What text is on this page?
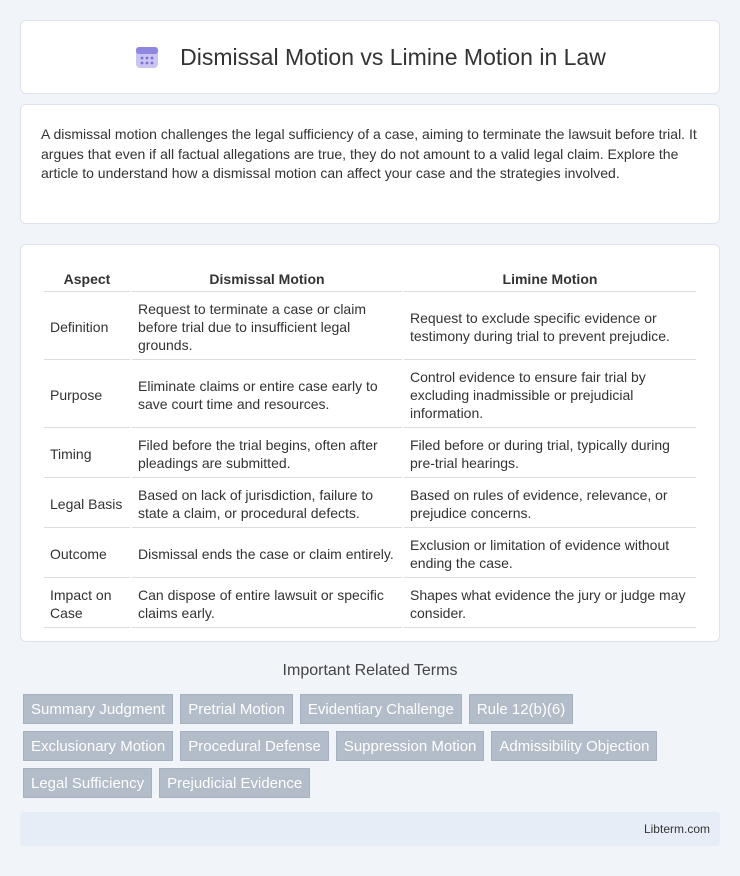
Dismissal Motion vs Limine Motion in Law

A dismissal motion challenges the legal sufficiency of a case, aiming to terminate the lawsuit before trial. It argues that even if all factual allegations are true, they do not amount to a valid legal claim. Explore the article to understand how a dismissal motion can affect your case and the strategies involved.

Aspect	Dismissal Motion	Limine Motion
Definition	Request to terminate a case or claim before trial due to insufficient legal grounds.	Request to exclude specific evidence or testimony during trial to prevent prejudice.
Purpose	Eliminate claims or entire case early to save court time and resources.	Control evidence to ensure fair trial by excluding inadmissible or prejudicial information.
Timing	Filed before the trial begins, often after pleadings are submitted.	Filed before or during trial, typically during pre-trial hearings.
Legal Basis	Based on lack of jurisdiction, failure to state a claim, or procedural defects.	Based on rules of evidence, relevance, or prejudice concerns.
Outcome	Dismissal ends the case or claim entirely.	Exclusion or limitation of evidence without ending the case.
Impact on Case	Can dispose of entire lawsuit or specific claims early.	Shapes what evidence the jury or judge may consider.
Important Related Terms
Summary Judgment	Pretrial Motion	Evidentiary Challenge	Rule 12(b)(6)
Exclusionary Motion	Procedural Defense	Suppression Motion	Admissibility Objection
Legal Sufficiency	Prejudicial Evidence
Libterm.com
